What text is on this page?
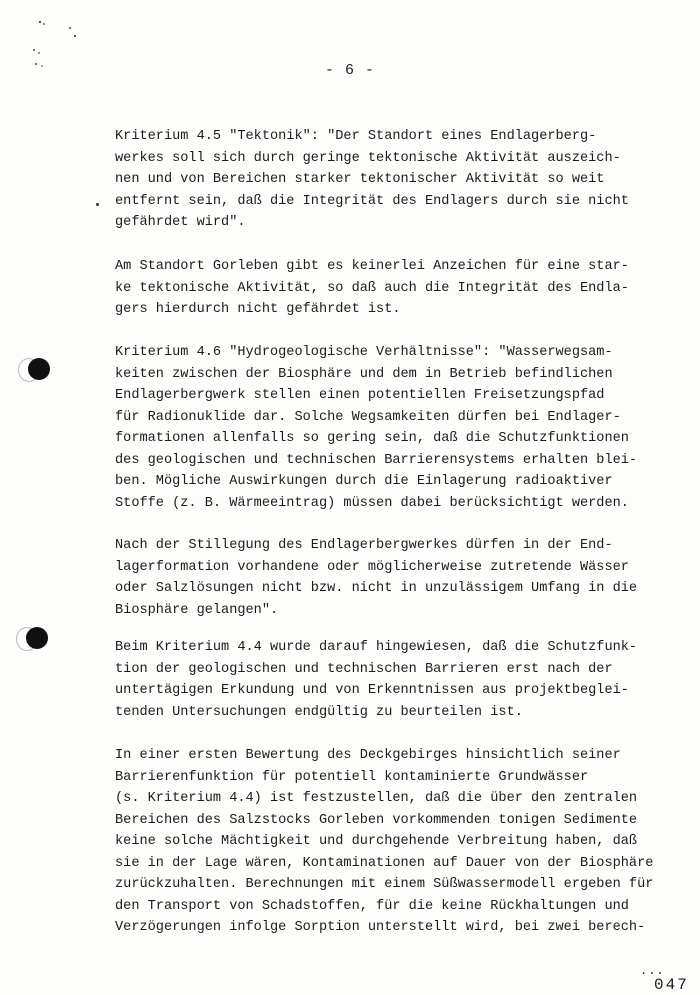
- 6 -

Kriterium 4.5 "Tektonik": "Der Standort eines Endlagerberg-
werkes soll sich durch geringe tektonische Aktivität auszeich-
nen und von Bereichen starker tektonischer Aktivität so weit
entfernt sein, daß die Integrität des Endlagers durch sie nicht
gefährdet wird".

Am Standort Gorleben gibt es keinerlei Anzeichen für eine star-
ke tektonische Aktivität, so daß auch die Integrität des Endla-
gers hierdurch nicht gefährdet ist.

Kriterium 4.6 "Hydrogeologische Verhältnisse": "Wasserwegsam-
keiten zwischen der Biosphäre und dem in Betrieb befindlichen
Endlagerbergwerk stellen einen potentiellen Freisetzungspfad
für Radionuklide dar. Solche Wegsamkeiten dürfen bei Endlager-
formationen allenfalls so gering sein, daß die Schutzfunktionen
des geologischen und technischen Barrierensystems erhalten blei-
ben. Mögliche Auswirkungen durch die Einlagerung radioaktiver
Stoffe (z. B. Wärmeeintrag) müssen dabei berücksichtigt werden.

Nach der Stillegung des Endlagerbergwerkes dürfen in der End-
lagerformation vorhandene oder möglicherweise zutretende Wässer
oder Salzlösungen nicht bzw. nicht in unzulässigem Umfang in die
Biosphäre gelangen".

Beim Kriterium 4.4 wurde darauf hingewiesen, daß die Schutzfunk-
tion der geologischen und technischen Barrieren erst nach der
untertägigen Erkundung und von Erkenntnissen aus projektbeglei-
tenden Untersuchungen endgültig zu beurteilen ist.

In einer ersten Bewertung des Deckgebirges hinsichtlich seiner
Barrierenfunktion für potentiell kontaminierte Grundwässer
(s. Kriterium 4.4) ist festzustellen, daß die über den zentralen
Bereichen des Salzstocks Gorleben vorkommenden tonigen Sedimente
keine solche Mächtigkeit und durchgehende Verbreitung haben, daß
sie in der Lage wären, Kontaminationen auf Dauer von der Biosphäre
zurückzuhalten. Berechnungen mit einem Süßwassermodell ergeben für
den Transport von Schadstoffen, für die keine Rückhaltungen und
Verzögerungen infolge Sorption unterstellt wird, bei zwei berech-

...
047
